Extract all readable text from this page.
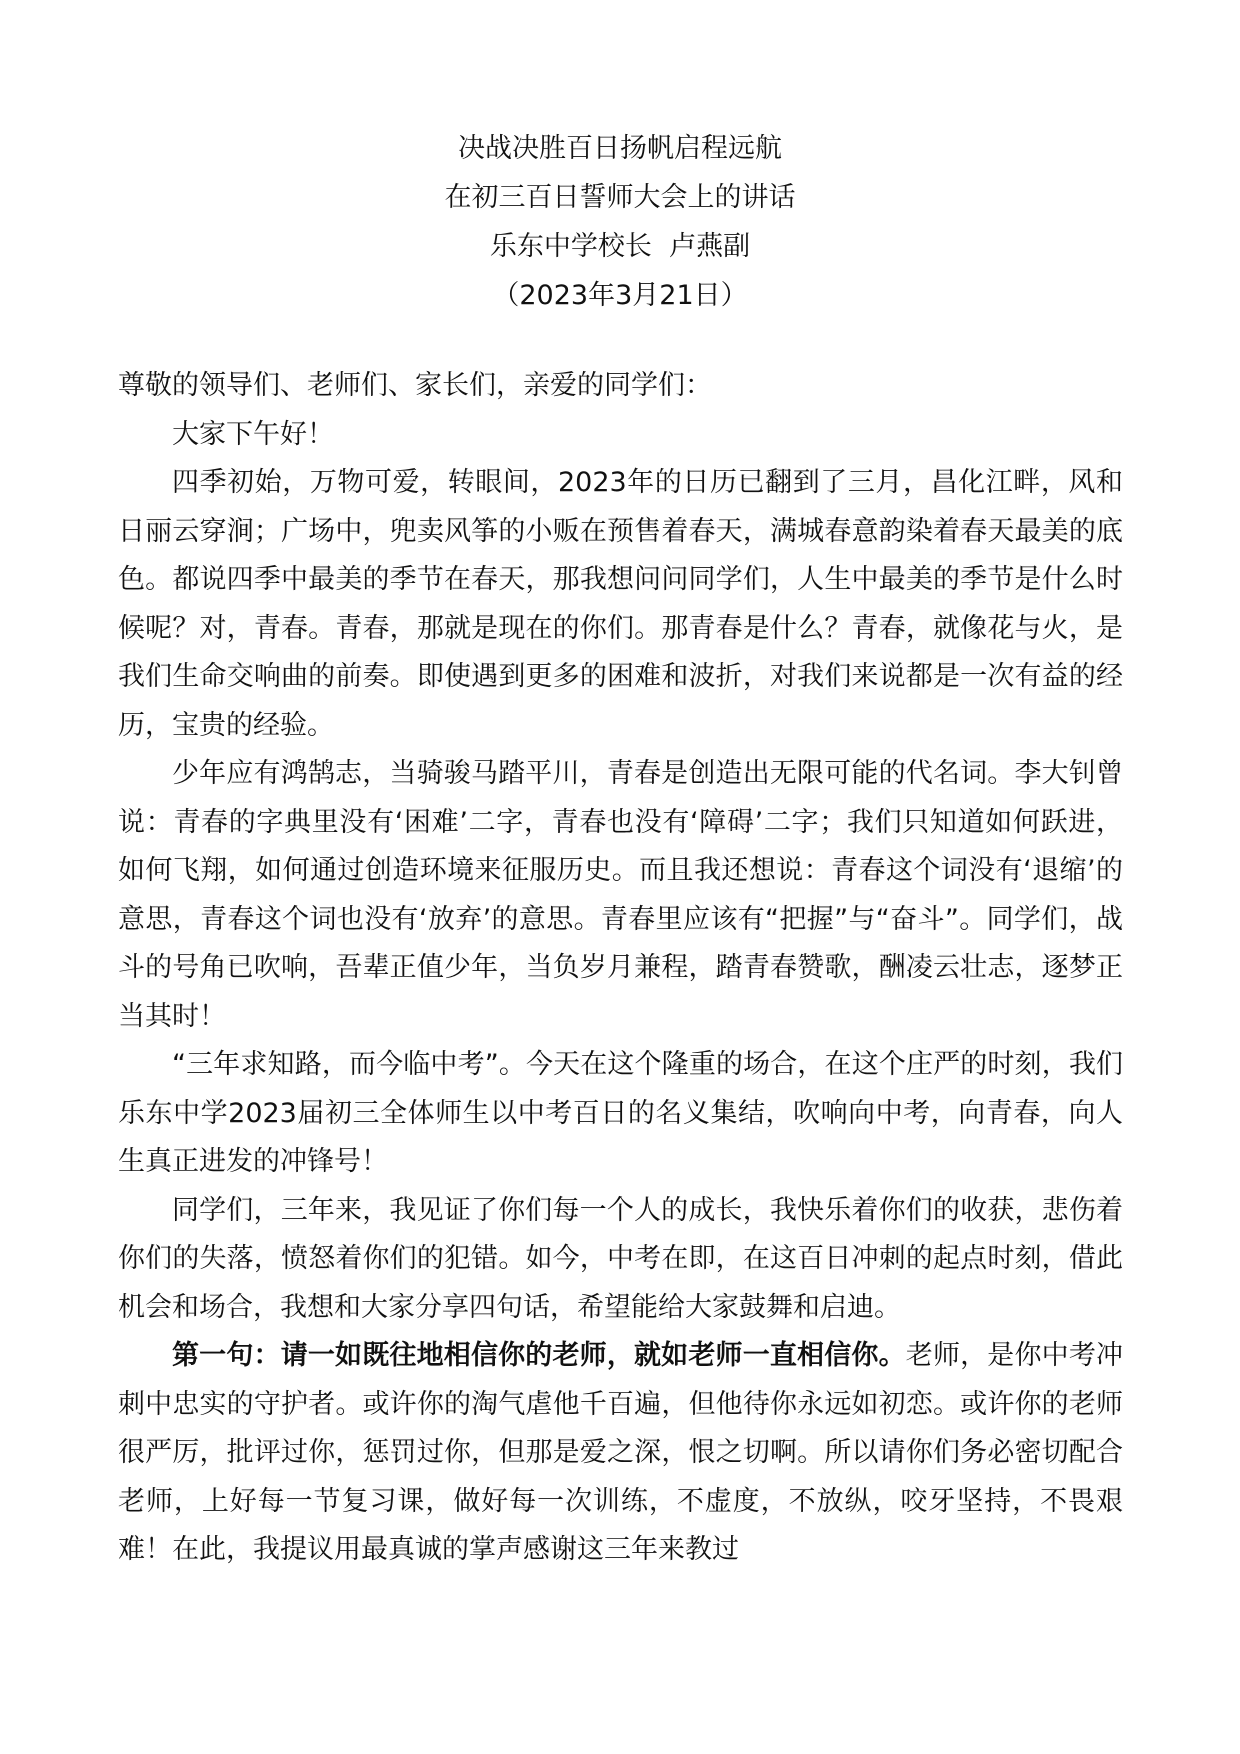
决战决胜百日扬帆启程远航
在初三百日誓师大会上的讲话
乐东中学校长  卢燕副
（2023年3月21日）
尊敬的领导们、老师们、家长们，亲爱的同学们：

大家下午好！

四季初始，万物可爱，转眼间，2023年的日历已翻到了三月，昌化江畔，风和日丽云穿涧；广场中，兜卖风筝的小贩在预售着春天，满城春意韵染着春天最美的底色。都说四季中最美的季节在春天，那我想问问同学们，人生中最美的季节是什么时候呢？对，青春。青春，那就是现在的你们。那青春是什么？青春，就像花与火，是我们生命交响曲的前奏。即使遇到更多的困难和波折，对我们来说都是一次有益的经历，宝贵的经验。

少年应有鸿鹄志，当骑骏马踏平川，青春是创造出无限可能的代名词。李大钊曾说：青春的字典里没有‘困难’二字，青春也没有‘障碍’二字；我们只知道如何跃进，如何飞翔，如何通过创造环境来征服历史。而且我还想说：青春这个词没有‘退缩’的意思，青春这个词也没有‘放弃’的意思。青春里应该有“把握”与“奋斗”。同学们，战斗的号角已吹响，吾辈正值少年，当负岁月兼程，踏青春赞歌，酬凌云壮志，逐梦正当其时！

“三年求知路，而今临中考”。今天在这个隆重的场合，在这个庄严的时刻，我们乐东中学2023届初三全体师生以中考百日的名义集结，吹响向中考，向青春，向人生真正进发的冲锋号！

同学们，三年来，我见证了你们每一个人的成长，我快乐着你们的收获，悲伤着你们的失落，愤怒着你们的犯错。如今，中考在即，在这百日冲刺的起点时刻，借此机会和场合，我想和大家分享四句话，希望能给大家鼓舞和启迪。

第一句：请一如既往地相信你的老师，就如老师一直相信你。老师，是你中考冲刺中忠实的守护者。或许你的淘气虐他千百遍，但他待你永远如初恋。或许你的老师很严厉，批评过你，惩罚过你，但那是爱之深，恨之切啊。所以请你们务必密切配合老师，上好每一节复习课，做好每一次训练，不虚度，不放纵，咬牙坚持，不畏艰难！在此，我提议用最真诚的掌声感谢这三年来教过
